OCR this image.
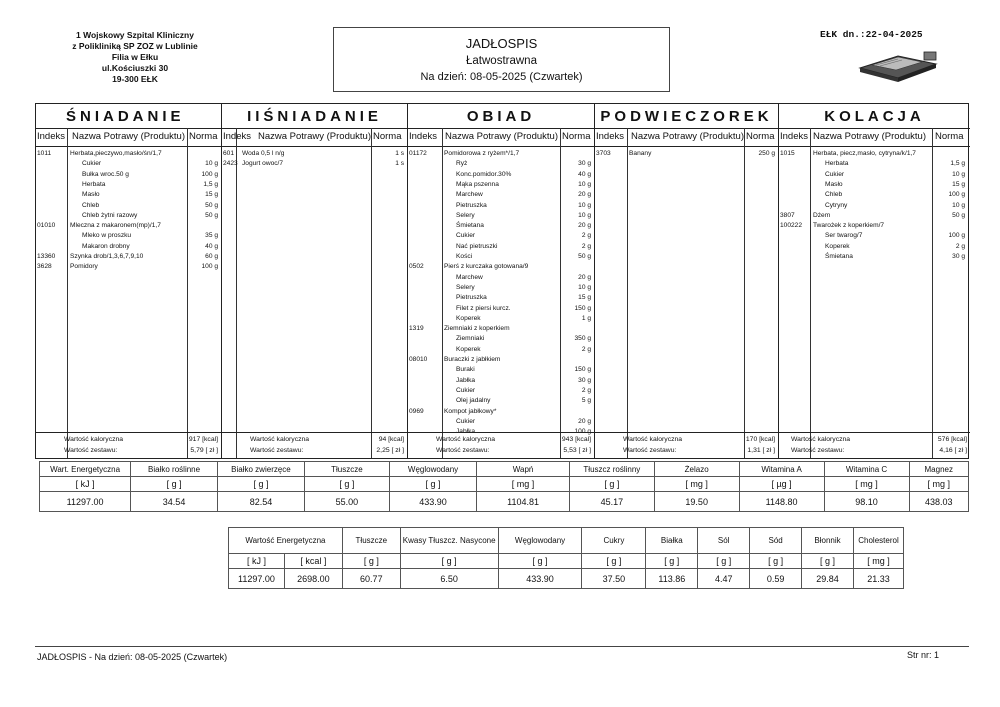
1 Wojskowy Szpital Kliniczny
z Polikliniką SP ZOZ w Lublinie
Filia w Ełku
ul.Kościuszki 30
19-300 EŁK
JADŁOSPIS
Łatwostrawna
Na dzień: 08-05-2025 (Czwartek)
EŁK dn.:22-04-2025
ŚNIADANIE
Indeks Nazwa Potrawy (Produktu) Norma
1011	Herbata,pieczywo,masło/śn/1,7
Cukier	10 g
Bułka wroc.50 g	100 g
Herbata	1,5 g
Masło	15 g
Chleb	50 g
Chleb żytni razowy	50 g
01010 Mleczna z makaronem(mp)/1,7
Mleko w proszku	35 g
Makaron drobny	40 g
13360 Szynka drob/1,3,6,7,9,10	60 g
3628	Pomidory	100 g
Wartość kaloryczna	917 [kcal]
Wartość zestawu:	5,79 [ zł ]
IIŚNIADANIE
Indeks Nazwa Potrawy (Produktu) Norma
601 Woda 0,5 l n/g	1 s
2423 Jogurt owoc/7	1 s
Wartość kaloryczna	94 [kcal]
Wartość zestawu:	2,25 [ zł ]
OBIAD
Indeks Nazwa Potrawy (Produktu) Norma
01172	Pomidorowa z ryżem*/1,7
Ryż	30 g
Konc.pomidor.30%	40 g
Mąka pszenna	10 g
Marchew	20 g
Pietruszka	10 g
Selery	10 g
Śmietana	20 g
Cukier	2 g
Nać pietruszki	2 g
Kości	50 g
0502	Pierś z kurczaka gotowana/9
Marchew	20 g
Selery	10 g
Pietruszka	15 g
Filet z piersi kurcz.	150 g
Koperek	1 g
1319	Ziemniaki z koperkiem
Ziemniaki	350 g
Koperek	2 g
08010	Buraczki z jabłkiem
Buraki	150 g
Jabłka	30 g
Cukier	2 g
Olej jadalny	5 g
0969	Kompot jabłkowy*
Cukier	20 g
Jabłka	100 g
Wartość kaloryczna	943 [kcal]
Wartość zestawu:	5,53 [ zł ]
PODWIECZOREK
Indeks Nazwa Potrawy (Produktu) Norma
3703	Banany	250 g
Wartość kaloryczna	170 [kcal]
Wartość zestawu:	1,31 [ zł ]
KOLACJA
Indeks Nazwa Potrawy (Produktu) Norma
1015	Herbata, piecz,masło, cytryna/k/1,7
Herbata	1,5 g
Cukier	10 g
Masło	15 g
Chleb	100 g
Cytryny	10 g
3807	Dżem	50 g
100222 Twarożek z koperkiem/7
Ser twarog/7	100 g
Koperek	2 g
Śmietana	30 g
Wartość kaloryczna	576 [kcal]
Wartość zestawu:	4,16 [ zł ]
Wart. Energetyczna	Białko roślinne	Białko zwierzęce	Tłuszcze	Węglowodany	Wapń	Tłuszcz roślinny	Żelazo	Witamina A	Witamina C	Magnez
[ kJ ]	[ g ]	[ g ]	[ g ]	[ g ]	[ mg ]	[ g ]	[ mg ]	[ µg ]	[ mg ]	[ mg ]
11297.00	34.54	82.54	55.00	433.90	1104.81	45.17	19.50	1148.80	98.10	438.03
Wartość Energetyczna		Tłuszcze	Kwasy Tłuszcz. Nasycone	Węglowodany	Cukry	Białka	Sól	Sód	Błonnik	Cholesterol
[ kJ ]	[ kcal ]	[ g ]	[ g ]	[ g ]	[ g ]	[ g ]	[ g ]	[ g ]	[ g ]	[ mg ]
11297.00	2698.00	60.77	6.50	433.90	37.50	113.86	4.47	0.59	29.84	21.33
JADŁOSPIS - Na dzień: 08-05-2025 (Czwartek)	Str nr: 1
